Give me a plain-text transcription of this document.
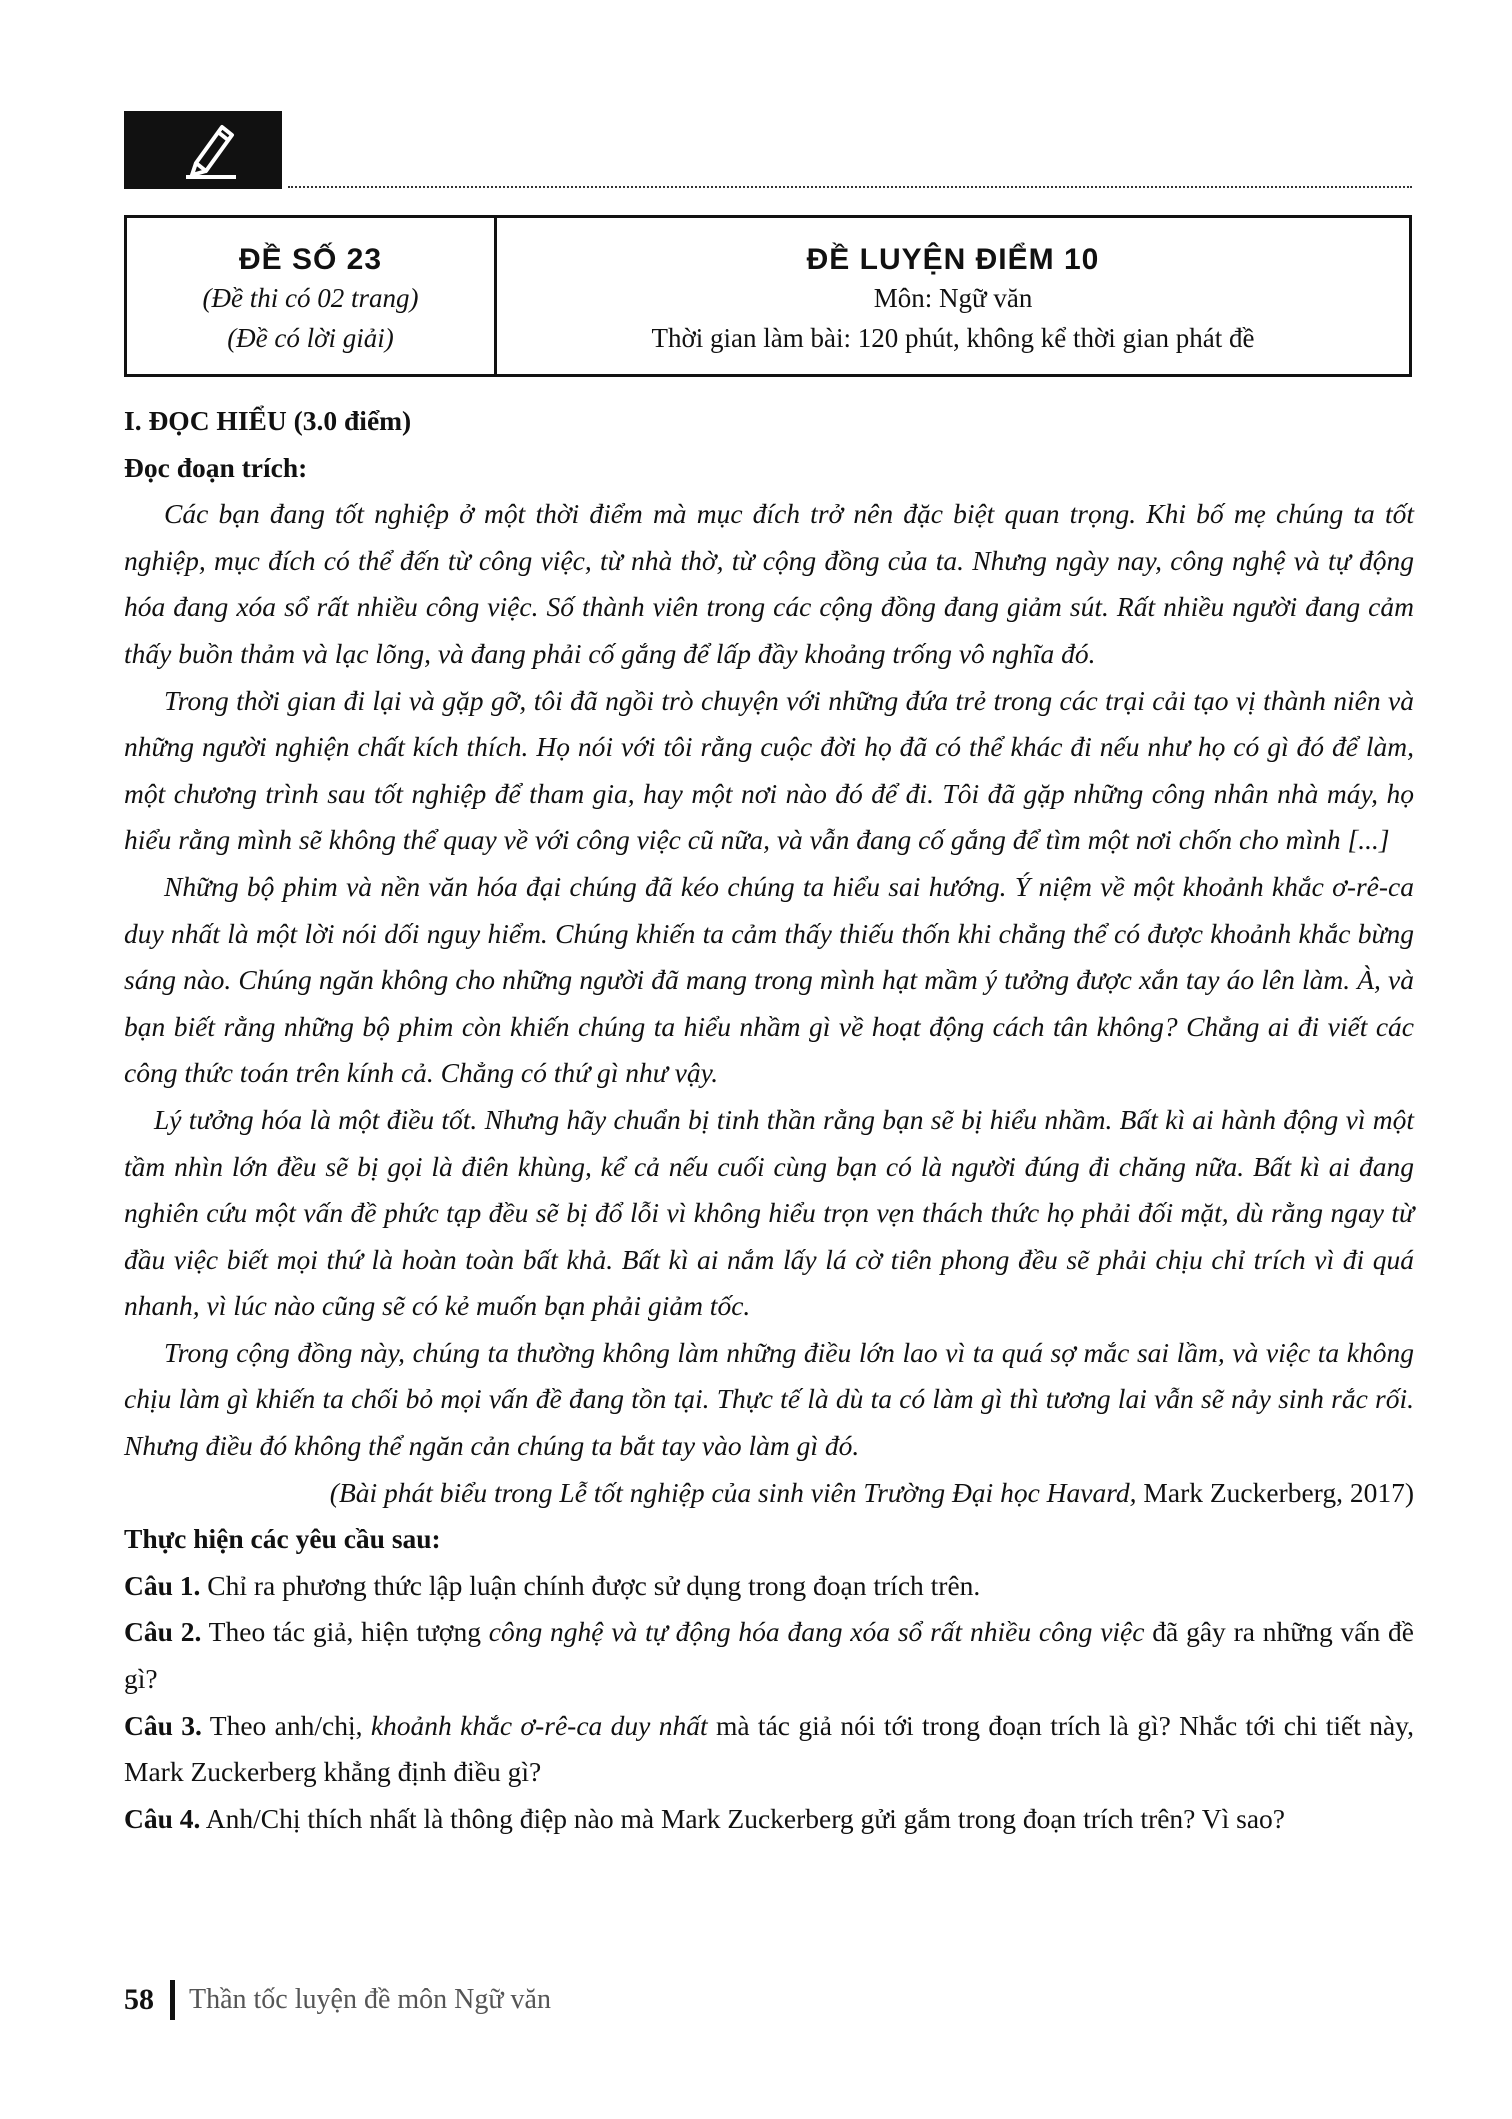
ĐỀ SỐ 23
(Đề thi có 02 trang)
(Đề có lời giải)
ĐỀ LUYỆN ĐIỂM 10
Môn: Ngữ văn
Thời gian làm bài: 120 phút, không kể thời gian phát đề

I. ĐỌC HIỂU (3.0 điểm)

Đọc đoạn trích:

Các bạn đang tốt nghiệp ở một thời điểm mà mục đích trở nên đặc biệt quan trọng. Khi bố mẹ chúng ta tốt nghiệp, mục đích có thể đến từ công việc, từ nhà thờ, từ cộng đồng của ta. Nhưng ngày nay, công nghệ và tự động hóa đang xóa sổ rất nhiều công việc. Số thành viên trong các cộng đồng đang giảm sút. Rất nhiều người đang cảm thấy buồn thảm và lạc lõng, và đang phải cố gắng để lấp đầy khoảng trống vô nghĩa đó.

Trong thời gian đi lại và gặp gỡ, tôi đã ngồi trò chuyện với những đứa trẻ trong các trại cải tạo vị thành niên và những người nghiện chất kích thích. Họ nói với tôi rằng cuộc đời họ đã có thể khác đi nếu như họ có gì đó để làm, một chương trình sau tốt nghiệp để tham gia, hay một nơi nào đó để đi. Tôi đã gặp những công nhân nhà máy, họ hiểu rằng mình sẽ không thể quay về với công việc cũ nữa, và vẫn đang cố gắng để tìm một nơi chốn cho mình [...]

Những bộ phim và nền văn hóa đại chúng đã kéo chúng ta hiểu sai hướng. Ý niệm về một khoảnh khắc ơ-rê-ca duy nhất là một lời nói dối nguy hiểm. Chúng khiến ta cảm thấy thiếu thốn khi chẳng thể có được khoảnh khắc bừng sáng nào. Chúng ngăn không cho những người đã mang trong mình hạt mầm ý tưởng được xắn tay áo lên làm. À, và bạn biết rằng những bộ phim còn khiến chúng ta hiểu nhầm gì về hoạt động cách tân không? Chẳng ai đi viết các công thức toán trên kính cả. Chẳng có thứ gì như vậy.

Lý tưởng hóa là một điều tốt. Nhưng hãy chuẩn bị tinh thần rằng bạn sẽ bị hiểu nhầm. Bất kì ai hành động vì một tầm nhìn lớn đều sẽ bị gọi là điên khùng, kể cả nếu cuối cùng bạn có là người đúng đi chăng nữa. Bất kì ai đang nghiên cứu một vấn đề phức tạp đều sẽ bị đổ lỗi vì không hiểu trọn vẹn thách thức họ phải đối mặt, dù rằng ngay từ đầu việc biết mọi thứ là hoàn toàn bất khả. Bất kì ai nắm lấy lá cờ tiên phong đều sẽ phải chịu chỉ trích vì đi quá nhanh, vì lúc nào cũng sẽ có kẻ muốn bạn phải giảm tốc.

Trong cộng đồng này, chúng ta thường không làm những điều lớn lao vì ta quá sợ mắc sai lầm, và việc ta không chịu làm gì khiến ta chối bỏ mọi vấn đề đang tồn tại. Thực tế là dù ta có làm gì thì tương lai vẫn sẽ nảy sinh rắc rối. Nhưng điều đó không thể ngăn cản chúng ta bắt tay vào làm gì đó.

(Bài phát biểu trong Lễ tốt nghiệp của sinh viên Trường Đại học Havard, Mark Zuckerberg, 2017)

Thực hiện các yêu cầu sau:

Câu 1. Chỉ ra phương thức lập luận chính được sử dụng trong đoạn trích trên.

Câu 2. Theo tác giả, hiện tượng công nghệ và tự động hóa đang xóa sổ rất nhiều công việc đã gây ra những vấn đề gì?

Câu 3. Theo anh/chị, khoảnh khắc ơ-rê-ca duy nhất mà tác giả nói tới trong đoạn trích là gì? Nhắc tới chi tiết này, Mark Zuckerberg khẳng định điều gì?

Câu 4. Anh/Chị thích nhất là thông điệp nào mà Mark Zuckerberg gửi gắm trong đoạn trích trên? Vì sao?

58 Thần tốc luyện đề môn Ngữ văn
